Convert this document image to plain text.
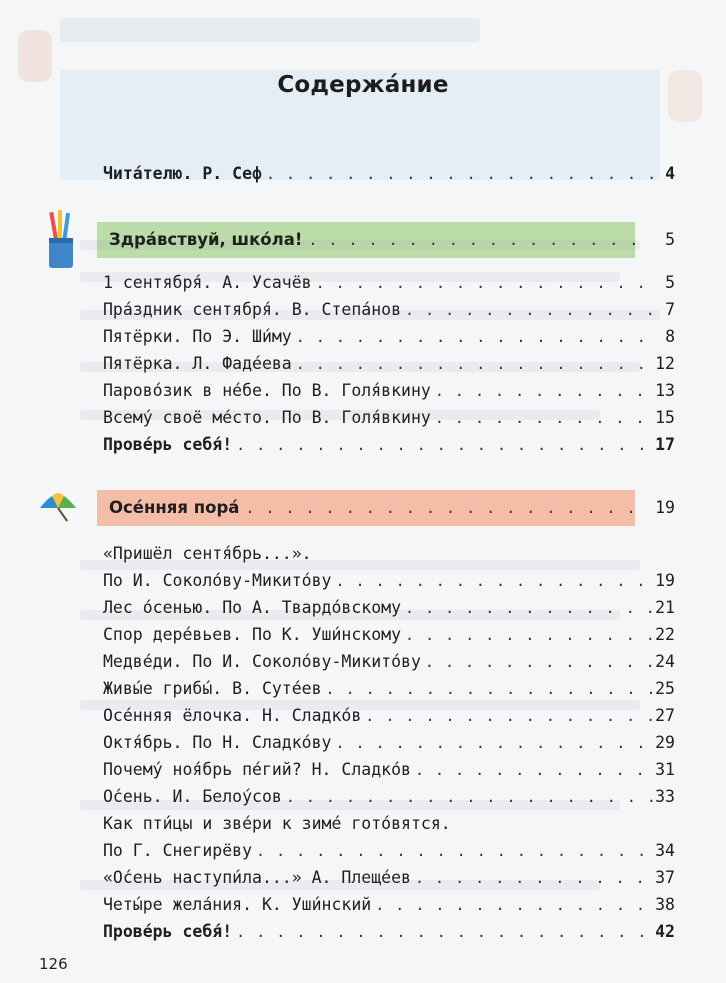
Содержа́ние
Чита́телю. Р. Сеф . . .	4
Здра́вствуй, шко́ла! . . .	5
1 сентября́. А. Усачёв . . .	5
Пра́здник сентября́. В. Степа́нов . . .	7
Пятёрки. По Э. Ши́му . . .	8
Пятёрка. Л. Фаде́ева . . .	12
Парово́зик в не́бе. По В. Голя́вкину . . .	13
Всему́ своё ме́сто. По В. Голя́вкину . . .	15
Прове́рь себя́! . . .	17
Осе́нняя пора́ . . .	19
«Пришёл сентя́брь...».
По И. Соколо́ву-Микито́ву . . .	19
Лес о́сенью. По А. Твардо́вскому . . .	21
Спор дере́вьев. По К. Уши́нскому . . .	22
Медве́ди. По И. Соколо́ву-Микито́ву . . .	24
Живы́е грибы́. В. Суте́ев . . .	25
Осе́нняя ёлочка. Н. Сладко́в . . .	27
Октя́брь. По Н. Сладко́ву . . .	29
Почему́ ноя́брь пе́гий? Н. Сладко́в . . .	31
О́сень. И. Белоу́сов . . .	33
Как пти́цы и зве́ри к зиме́ гото́вятся.
По Г. Снегирёву . . .	34
«О́сень наступи́ла...» А. Плеще́ев . . .	37
Четы́ре жела́ния. К. Уши́нский . . .	38
Прове́рь себя́! . . .	42
126
